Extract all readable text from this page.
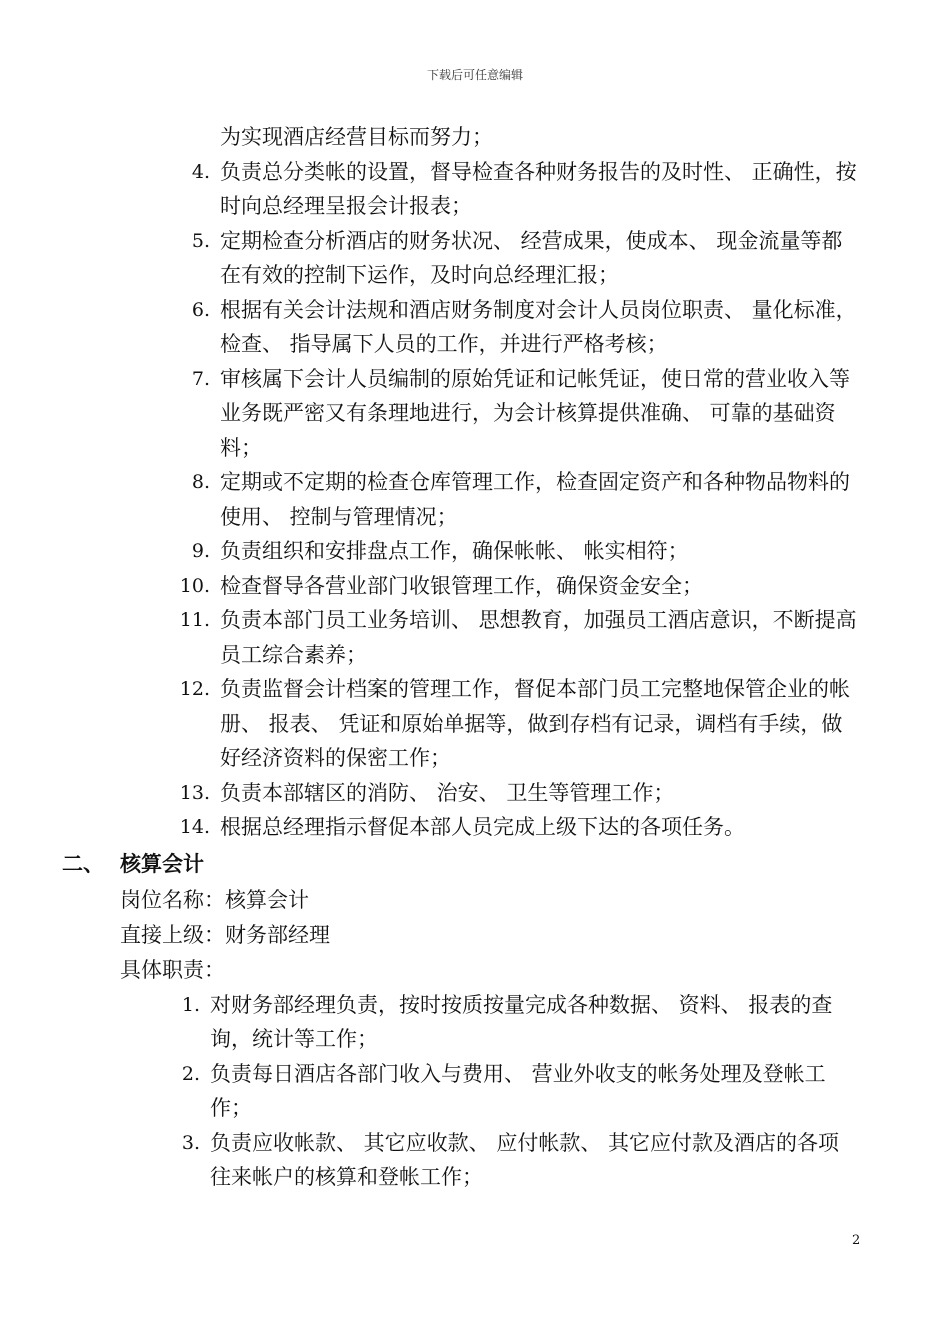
下载后可任意编辑
为实现酒店经营目标而努力；
4. 负责总分类帐的设置，督导检查各种财务报告的及时性、 正确性，按时向总经理呈报会计报表；
5. 定期检查分析酒店的财务状况、 经营成果，使成本、 现金流量等都在有效的控制下运作，及时向总经理汇报；
6. 根据有关会计法规和酒店财务制度对会计人员岗位职责、 量化标准，检查、 指导属下人员的工作，并进行严格考核；
7. 审核属下会计人员编制的原始凭证和记帐凭证，使日常的营业收入等业务既严密又有条理地进行，为会计核算提供准确、 可靠的基础资料；
8. 定期或不定期的检查仓库管理工作，检查固定资产和各种物品物料的使用、 控制与管理情况；
9. 负责组织和安排盘点工作，确保帐帐、 帐实相符；
10. 检查督导各营业部门收银管理工作，确保资金安全；
11. 负责本部门员工业务培训、 思想教育，加强员工酒店意识，不断提高员工综合素养；
12. 负责监督会计档案的管理工作，督促本部门员工完整地保管企业的帐册、 报表、 凭证和原始单据等，做到存档有记录，调档有手续，做好经济资料的保密工作；
13. 负责本部辖区的消防、 治安、 卫生等管理工作；
14. 根据总经理指示督促本部人员完成上级下达的各项任务。
二、 核算会计
岗位名称：核算会计
直接上级：财务部经理
具体职责：
1. 对财务部经理负责，按时按质按量完成各种数据、 资料、 报表的查询，统计等工作；
2. 负责每日酒店各部门收入与费用、 营业外收支的帐务处理及登帐工作；
3. 负责应收帐款、 其它应收款、 应付帐款、 其它应付款及酒店的各项往来帐户的核算和登帐工作；
2
